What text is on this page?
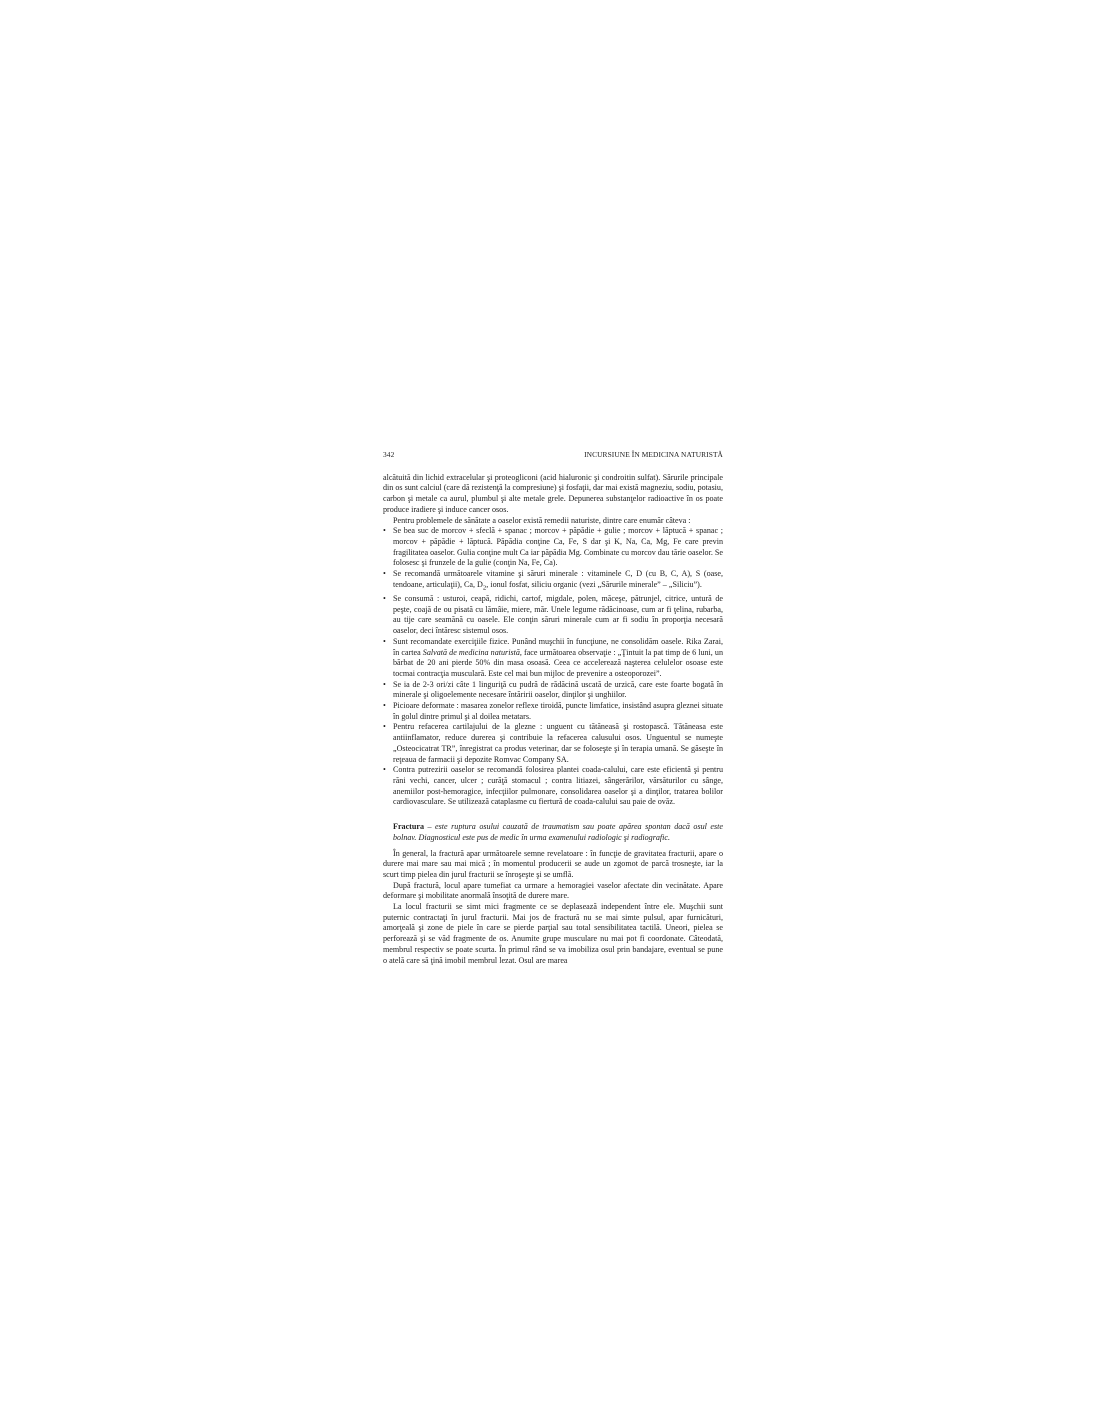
342	INCURSIUNE ÎN MEDICINA NATURISTĂ

alcătuită din lichid extracelular şi proteogliconi (acid hialuronic şi condroitin sulfat). Sărurile principale din os sunt calciul (care dă rezistenţă la compresiune) şi fosfaţii, dar mai există magneziu, sodiu, potasiu, carbon şi metale ca aurul, plumbul şi alte metale grele. Depunerea substanţelor radioactive în os poate produce iradiere şi induce cancer osos.

Pentru problemele de sănătate a oaselor există remedii naturiste, dintre care enumăr câteva :

• Se bea suc de morcov + sfeclă + spanac ; morcov + păpădie + gulie ; morcov + lăptucă + spanac ; morcov + păpădie + lăptucă. Păpădia conţine Ca, Fe, S dar şi K, Na, Ca, Mg, Fe care previn fragilitatea oaselor. Gulia conţine mult Ca iar păpădia Mg. Combinate cu morcov dau tărie oaselor. Se folosesc şi frunzele de la gulie (conţin Na, Fe, Ca).
• Se recomandă următoarele vitamine şi săruri minerale : vitaminele C, D (cu B, C, A), S (oase, tendoane, articulaţii), Ca, $D_2$, ionul fosfat, siliciu organic (vezi „Sărurile minerale” – „Siliciu”).
• Se consumă : usturoi, ceapă, ridichi, cartof, migdale, polen, măceşe, pătrunjel, citrice, untură de peşte, coajă de ou pisată cu lămâie, miere, măr. Unele legume rădăcinoase, cum ar fi ţelina, rubarba, au tije care seamănă cu oasele. Ele conţin săruri minerale cum ar fi sodiu în proporţia necesară oaselor, deci întăresc sistemul osos.
• Sunt recomandate exerciţiile fizice. Punând muşchii în funcţiune, ne consolidăm oasele. Rika Zarai, în cartea Salvată de medicina naturistă, face următoarea observaţie : „Ţintuit la pat timp de 6 luni, un bărbat de 20 ani pierde 50% din masa osoasă. Ceea ce accelerează naşterea celulelor osoase este tocmai contracţia musculară. Este cel mai bun mijloc de prevenire a osteoporozei”.
• Se ia de 2-3 ori/zi câte 1 linguriţă cu pudră de rădăcină uscată de urzică, care este foarte bogată în minerale şi oligoelemente necesare întăririi oaselor, dinţilor şi unghiilor.
• Picioare deformate : masarea zonelor reflexe tiroidă, puncte limfatice, insistând asupra gleznei situate în golul dintre primul şi al doilea metatars.
• Pentru refacerea cartilajului de la glezne : unguent cu tătăneasă şi rostopască. Tătăneasa este antiinflamator, reduce durerea şi contribuie la refacerea calusului osos. Unguentul se numeşte „Osteocicatrat TR”, înregistrat ca produs veterinar, dar se foloseşte şi în terapia umană. Se găseşte în reţeaua de farmacii şi depozite Romvac Company SA.
• Contra putrezirii oaselor se recomandă folosirea plantei coada-calului, care este eficientă şi pentru răni vechi, cancer, ulcer ; curăţă stomacul ; contra litiazei, sângerărilor, vărsăturilor cu sânge, anemiilor post-hemoragice, infecţiilor pulmonare, consolidarea oaselor şi a dinţilor, tratarea bolilor cardiovasculare. Se utilizează cataplasme cu fiertură de coada-calului sau paie de ovăz.
Fractura – este ruptura osului cauzată de traumatism sau poate apărea spontan dacă osul este bolnav. Diagnosticul este pus de medic în urma examenului radiologic şi radiografic.

În general, la fractură apar următoarele semne revelatoare : în funcţie de gravitatea fracturii, apare o durere mai mare sau mai mică ; în momentul producerii se aude un zgomot de parcă trosneşte, iar la scurt timp pielea din jurul fracturii se înroşeşte şi se umflă.

După fractură, locul apare tumefiat ca urmare a hemoragiei vaselor afectate din vecinătate. Apare deformare şi mobilitate anormală însoţită de durere mare.

La locul fracturii se simt mici fragmente ce se deplasează independent între ele. Muşchii sunt puternic contractaţi în jurul fracturii. Mai jos de fractură nu se mai simte pulsul, apar furnicături, amorţeală şi zone de piele în care se pierde parţial sau total sensibilitatea tactilă. Uneori, pielea se perforează şi se văd fragmente de os. Anumite grupe musculare nu mai pot fi coordonate. Câteodată, membrul respectiv se poate scurta. În primul rând se va imobiliza osul prin bandajare, eventual se pune o atelă care să ţină imobil membrul lezat. Osul are marea
